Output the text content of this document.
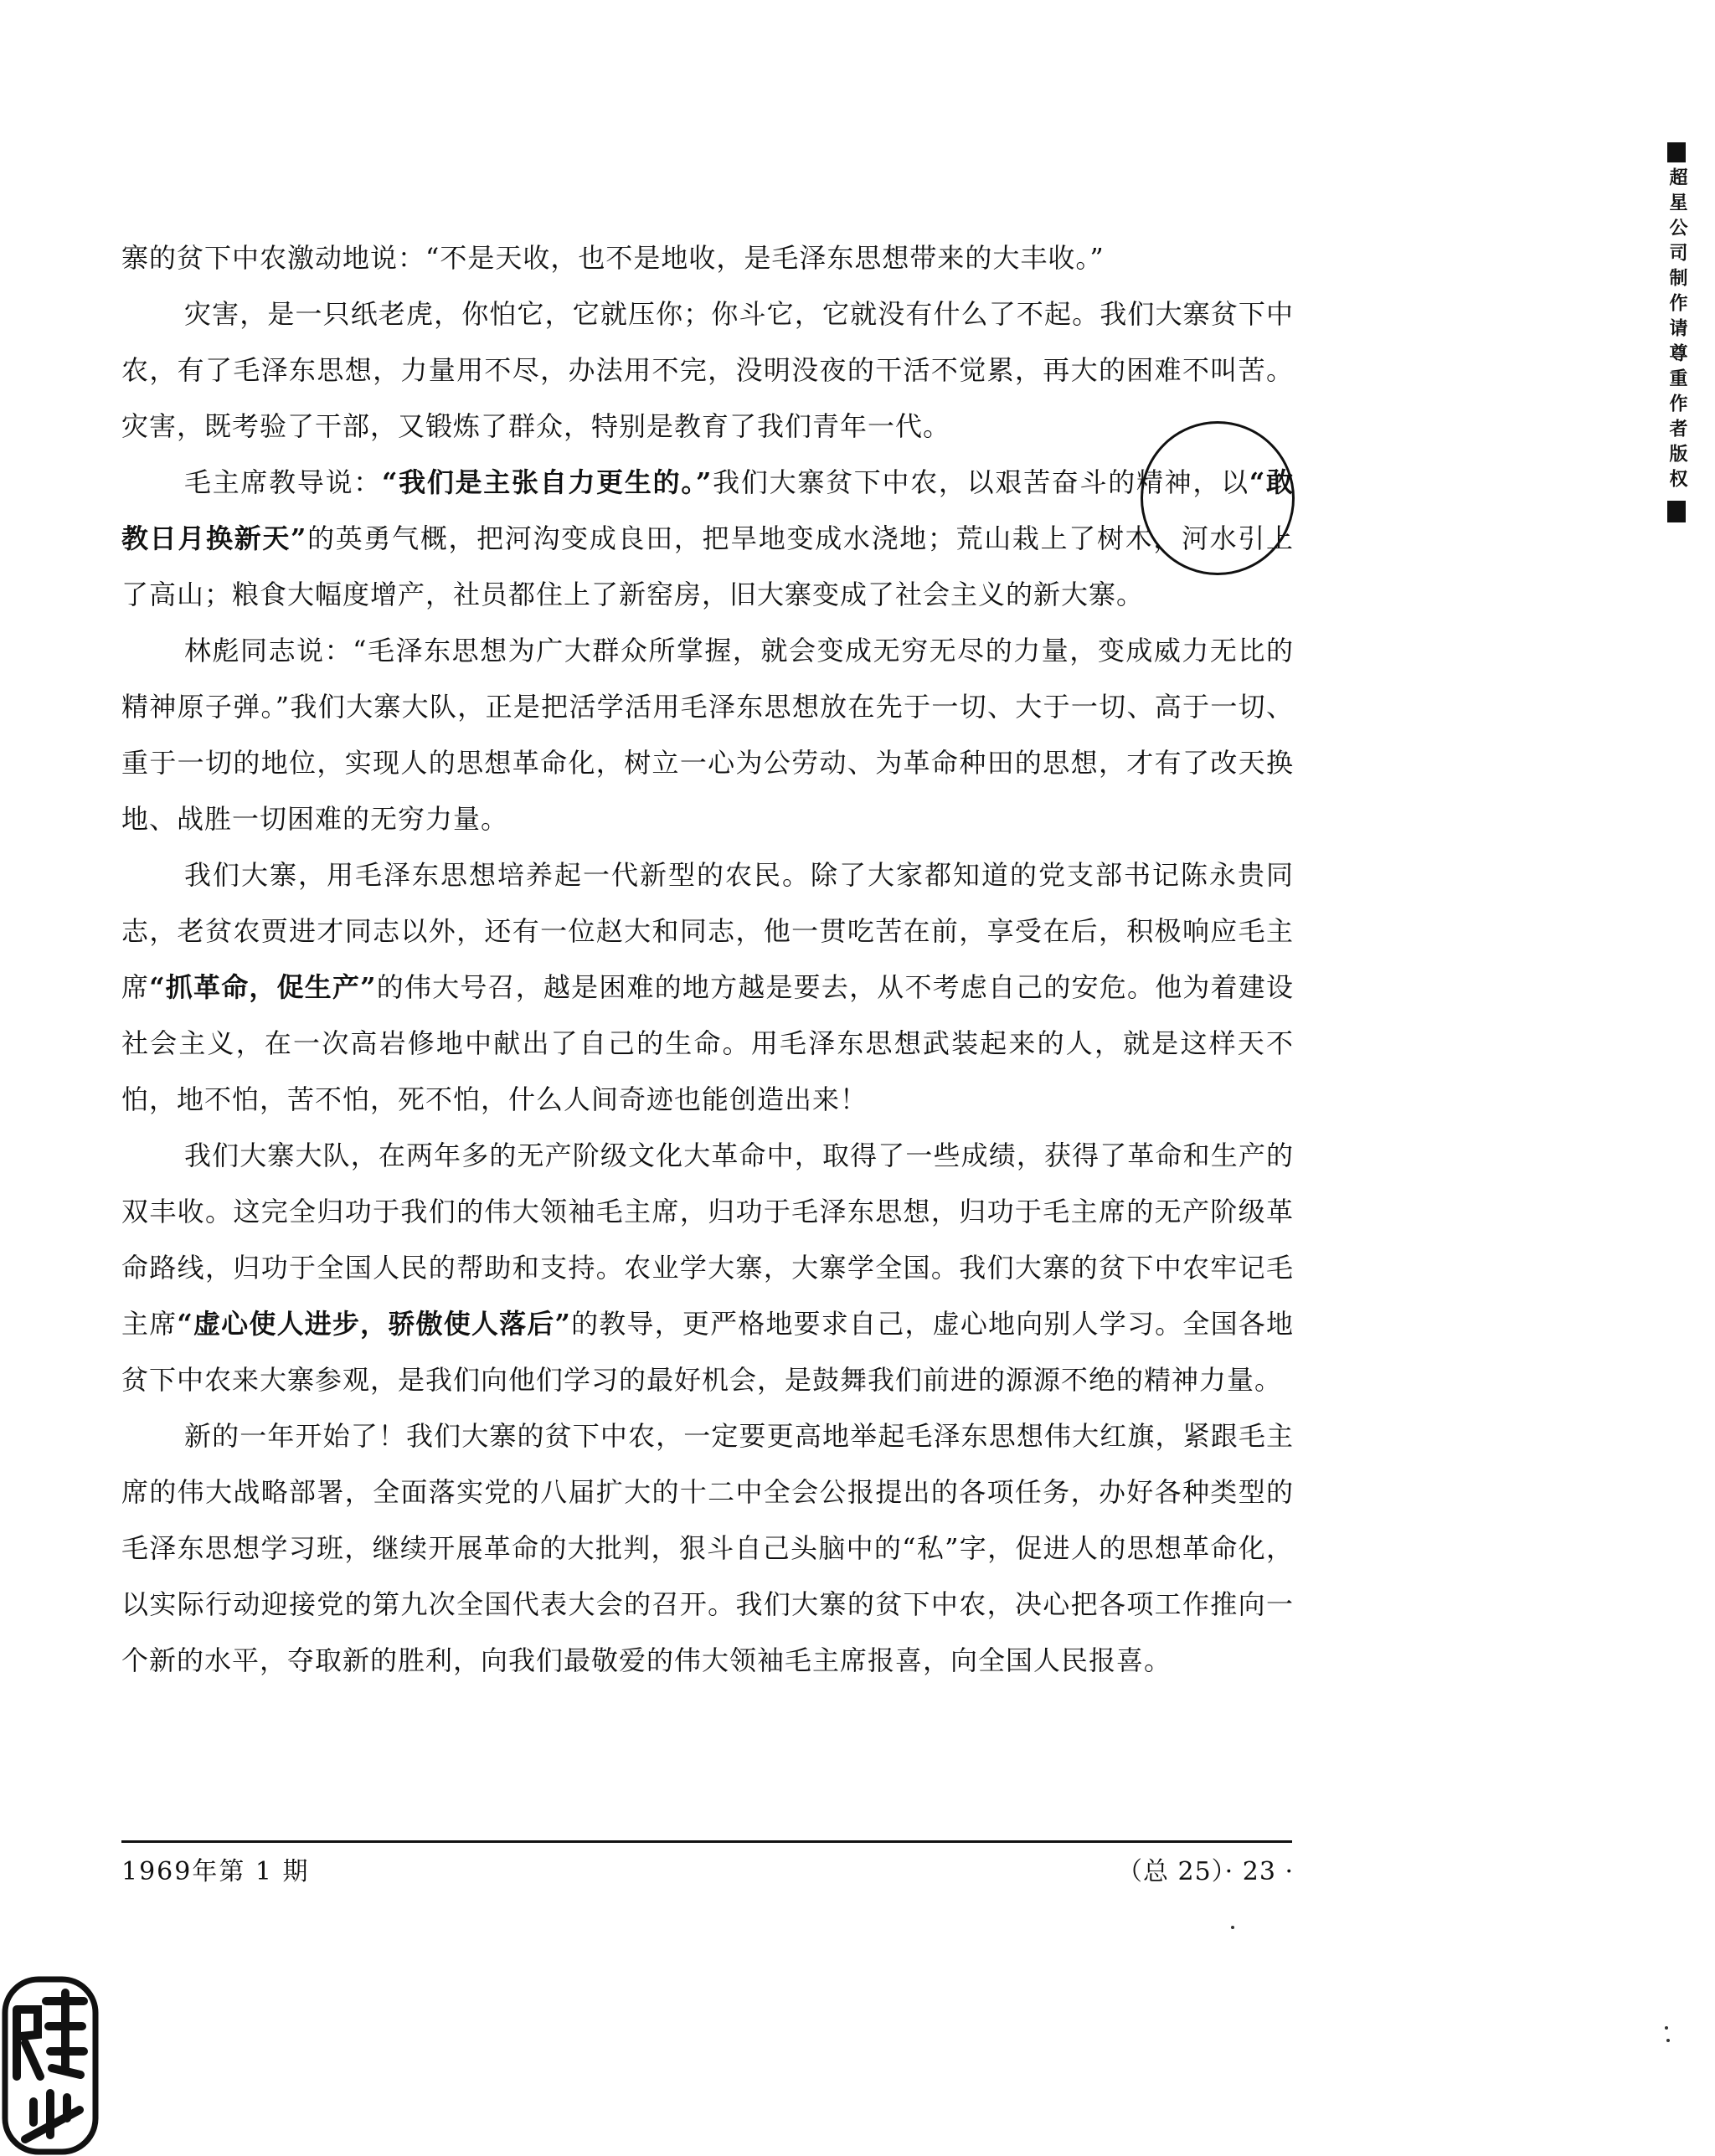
寨的贫下中农激动地说：“不是天收，也不是地收，是毛泽东思想带来的大丰收。”

灾害，是一只纸老虎，你怕它，它就压你；你斗它，它就没有什么了不起。我们大寨贫下中农，有了毛泽东思想，力量用不尽，办法用不完，没明没夜的干活不觉累，再大的困难不叫苦。灾害，既考验了干部，又锻炼了群众，特别是教育了我们青年一代。

毛主席教导说：“我们是主张自力更生的。”我们大寨贫下中农，以艰苦奋斗的精神，以“敢教日月换新天”的英勇气概，把河沟变成良田，把旱地变成水浇地；荒山栽上了树木，河水引上了高山；粮食大幅度增产，社员都住上了新窑房，旧大寨变成了社会主义的新大寨。

林彪同志说：“毛泽东思想为广大群众所掌握，就会变成无穷无尽的力量，变成威力无比的精神原子弹。”我们大寨大队，正是把活学活用毛泽东思想放在先于一切、大于一切、高于一切、重于一切的地位，实现人的思想革命化，树立一心为公劳动、为革命种田的思想，才有了改天换地、战胜一切困难的无穷力量。

我们大寨，用毛泽东思想培养起一代新型的农民。除了大家都知道的党支部书记陈永贵同志，老贫农贾进才同志以外，还有一位赵大和同志，他一贯吃苦在前，享受在后，积极响应毛主席“抓革命，促生产”的伟大号召，越是困难的地方越是要去，从不考虑自己的安危。他为着建设社会主义，在一次高岩修地中献出了自己的生命。用毛泽东思想武装起来的人，就是这样天不怕，地不怕，苦不怕，死不怕，什么人间奇迹也能创造出来！

我们大寨大队，在两年多的无产阶级文化大革命中，取得了一些成绩，获得了革命和生产的双丰收。这完全归功于我们的伟大领袖毛主席，归功于毛泽东思想，归功于毛主席的无产阶级革命路线，归功于全国人民的帮助和支持。农业学大寨，大寨学全国。我们大寨的贫下中农牢记毛主席“虚心使人进步，骄傲使人落后”的教导，更严格地要求自己，虚心地向别人学习。全国各地贫下中农来大寨参观，是我们向他们学习的最好机会，是鼓舞我们前进的源源不绝的精神力量。

新的一年开始了！我们大寨的贫下中农，一定要更高地举起毛泽东思想伟大红旗，紧跟毛主席的伟大战略部署，全面落实党的八届扩大的十二中全会公报提出的各项任务，办好各种类型的毛泽东思想学习班，继续开展革命的大批判，狠斗自己头脑中的“私”字，促进人的思想革命化，以实际行动迎接党的第九次全国代表大会的召开。我们大寨的贫下中农，决心把各项工作推向一个新的水平，夺取新的胜利，向我们最敬爱的伟大领袖毛主席报喜，向全国人民报喜。

1969年第 1 期	（总 25）· 23 ·
超星公司制作请尊重作者版权
